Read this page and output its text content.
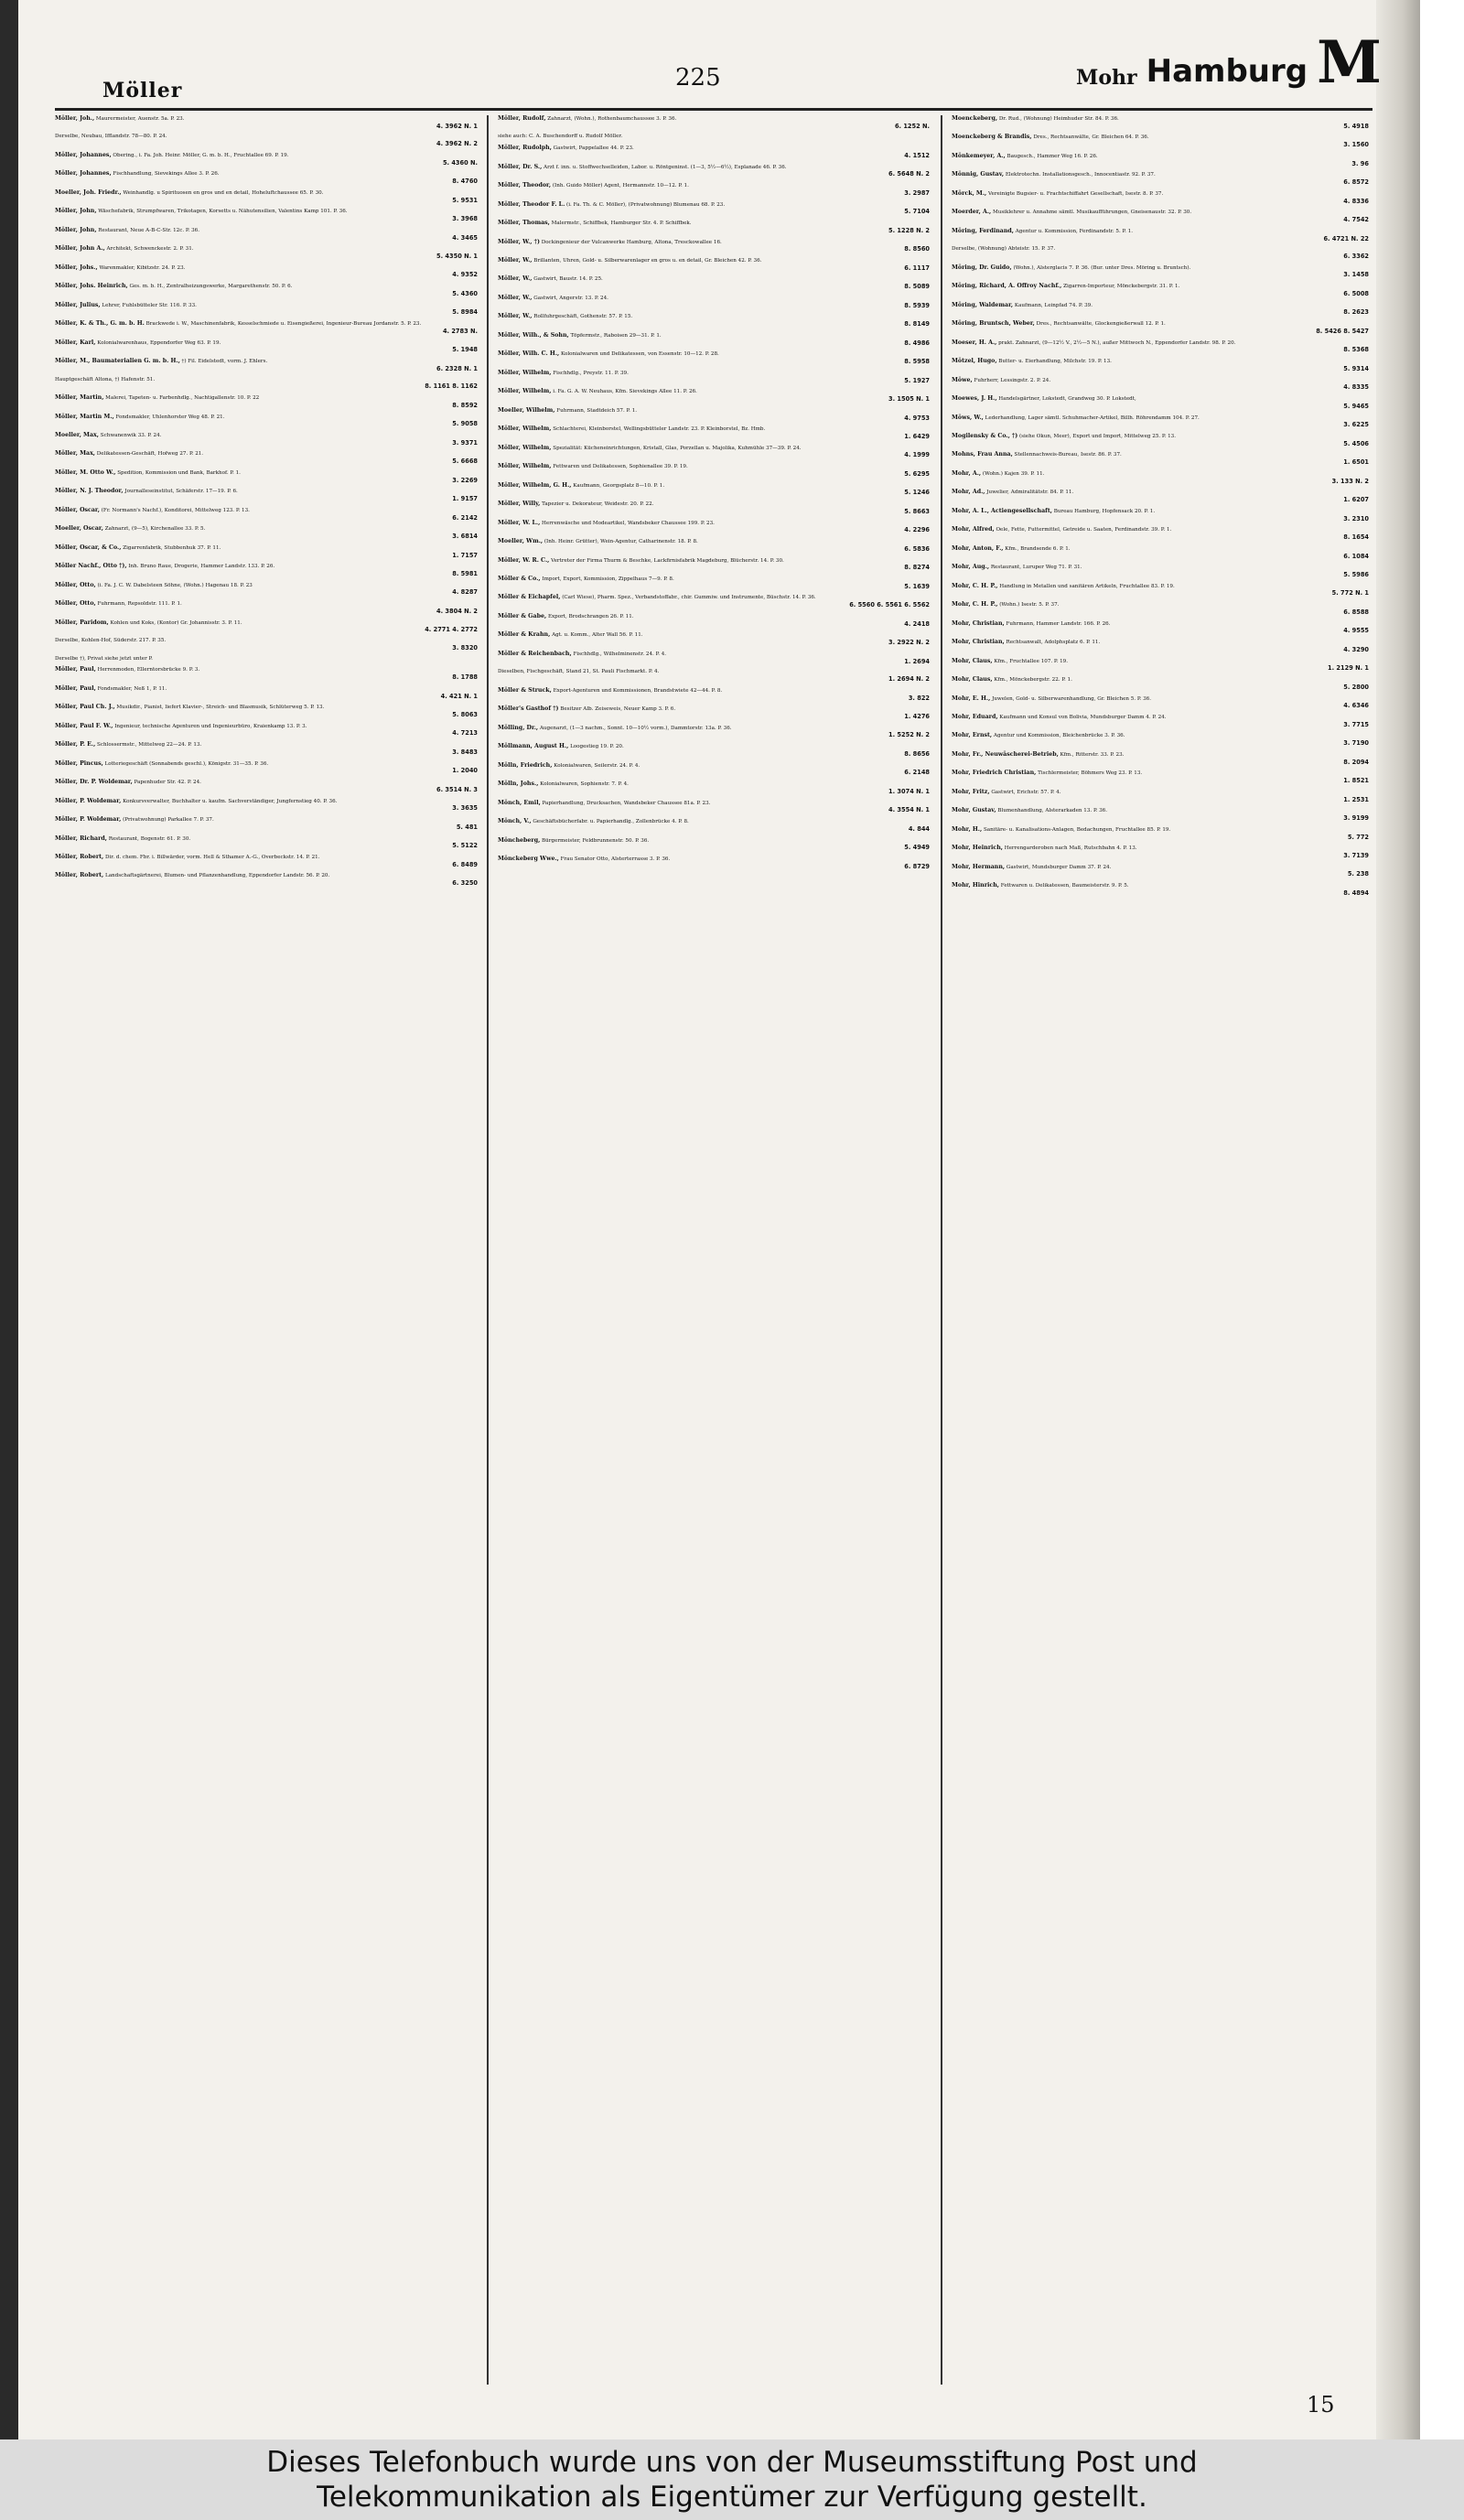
Möller	225	Mohr Hamburg M
Möller, Joh., Maurermeister, Auenstr. 5a. P. 23.
4. 3962 N. 1
Derselbe, Neubau, Ifflandstr. 78—80. P. 24.
4. 3962 N. 2
Möller, Johannes, Obering., i. Fa. Joh. Heinr. Möller, G. m. b. H., Fruchtallee 69. P. 19.
5. 4360 N.
Möller, Johannes, Fischhandlung, Sievekings Allee 3. P. 26.
8. 4760
Moeller, Joh. Friedr., Weinhandlg. u Spirituosen en gros und en detail, Hoheluftchaussee 65. P. 30.
5. 9531
Möller, John, Wäschefabrik, Strumpfwaren, Trikotagen, Korsetts u. Nähutensilien, Valentins Kamp 101. P. 36.
3. 3968
Möller, John, Restaurant, Neue A-B-C-Str. 12c. P. 36.
4. 3465
Möller, John A., Architekt, Schwenckestr. 2. P. 31.
5. 4350 N. 1
Möller, Johs., Warenmakler, Kibitzstr. 24. P. 23.
4. 9352
Möller, Johs. Heinrich, Ges. m. b. H., Zentralheizungswerke, Margarethenstr. 50. P. 6.
5. 4360
Möller, Julius, Lehrer, Fuhlsbütteler Str. 116. P. 33.
5. 8984
Möller, K. & Th., G. m. b. H. Brackwede i. W., Maschinenfabrik, Kesselschmiede u. Eisengießerei, Ingenieur-Bureau Jordanstr. 5. P. 23.
4. 2783 N.
Möller, Karl, Kolonialwarenhaus, Eppendorfer Weg 63. P. 19.
5. 1948
Möller, M., Baumaterialien G. m. b. H., †) Fil. Eidelstedt, vorm. J. Ehlers.
6. 2328 N. 1
Hauptgeschäft Altona, †) Hafenstr. 51.
8. 1161 8. 1162
Möller, Martin, Malerei, Tapeten- u. Farbenhdlg., Nachtigallenstr. 10. P. 22
8. 8592
Möller, Martin M., Fondsmakler, Uhlenhorster Weg 48. P. 21.
5. 9058
Moeller, Max, Schwanenwik 33. P. 24.
3. 9371
Möller, Max, Delikatessen-Geschäft, Hofweg 27. P. 21.
5. 6668
Möller, M. Otto W., Spedition, Kommission und Bank, Barkhof. P. 1.
3. 2269
Möller, N. J. Theodor, Journalleseinstitut, Schäferstr. 17—19. P. 6.
1. 9157
Möller, Oscar, (Fr. Normann's Nachf.), Konditorei, Mittelweg 123. P. 13.
6. 2142
Moeller, Oscar, Zahnarzt, (9—5), Kirchenallee 33. P. 5.
3. 6814
Möller, Oscar, & Co., Zigarrenfabrik, Stubbenhuk 37. P. 11.
1. 7157
Möller Nachf., Otto †), Inh. Bruno Raue, Drogerie, Hammer Landstr. 133. P. 26.
8. 5981
Möller, Otto, (i. Fa. J. C. W. Dabelsteen Söhne, (Wohn.) Hagenau 18. P. 23
4. 8287
Möller, Otto, Fuhrmann, Repsoldstr. 111. P. 1.
4. 3804 N. 2
Möller, Paridom, Kohlen und Koks, (Kontor) Gr. Johannisstr. 3. P. 11.
4. 2771 4. 2772
Derselbe, Kohlen-Hof, Süderstr. 217. P. 35.
3. 8320
Derselbe †), Privat siehe jetzt unter P.
Möller, Paul, Herrenmoden, Ellerntorsbrücke 9. P. 3.
8. 1788
Möller, Paul, Fondsmakler, Neß 1, P. 11.
4. 421 N. 1
Möller, Paul Ch. J., Musikdir., Pianist, liefert Klavier-, Streich- und Blasmusik, Schlüterweg 5. P. 13.
5. 8063
Möller, Paul F. W., Ingenieur, technische Agenturen und Ingenieurbüro, Kraienkamp 13. P. 3.
4. 7213
Möller, P. E., Schlossermstr., Mittelweg 22—24. P. 13.
3. 8483
Möller, Pincus, Lotteriegeschäft (Sonnabends geschl.), Königstr. 31—35. P. 36.
1. 2040
Möller, Dr. P. Woldemar, Papenhuder Str. 42. P. 24.
6. 3514 N. 3
Möller, P. Woldemar, Konkursverwalter, Buchhalter u. kaufm. Sachverständiger, Jungfernstieg 40. P. 36.
3. 3635
Möller, P. Woldemar, (Privatwohnung) Parkallee 7. P. 37.
5. 481
Möller, Richard, Restaurant, Bogenstr. 61. P. 30.
5. 5122
Möller, Robert, Dir. d. chem. Fbr. i. Billwärder, vorm. Hell & Sthamer A.-G., Overbeckstr. 14. P. 21.
6. 8489
Möller, Robert, Landschaftsgärtnerei, Blumen- und Pflanzenhandlung, Eppendorfer Landstr. 56. P. 20.
6. 3250
Möller, Rudolf, Zahnarzt, (Wohn.), Rothenbaumchaussee 3. P. 36.
6. 1252 N.
siehe auch: C. A. Buschendorff u. Rudolf Möller.
Möller, Rudolph, Gastwirt, Pappelallee 44. P. 23.
4. 1512
Möller, Dr. S., Arzt f. inn. u. Stoffwechselleiden, Labor. u. Röntgeninst. (1—3, 5½—6½), Esplanade 46. P. 36.
6. 5648 N. 2
Möller, Theodor, (Inh. Guido Möller) Agent, Hermannstr. 10—12. P. 1.
3. 2987
Möller, Theodor F. L. (i. Fa. Th. & C. Möller), (Privatwohnung) Blumenau 68. P. 23.
5. 7104
Möller, Thomas, Malermstr., Schiffbek, Hamburger Str. 4. P. Schiffbek.
5. 1228 N. 2
Möller, W., †) Dockingenieur der Vulcanwerke Hamburg, Altona, Tresckowallee 16.
8. 8560
Möller, W., Brillanten, Uhren, Gold- u. Silberwarenlager en gros u. en detail, Gr. Bleichen 42. P. 36.
6. 1117
Möller, W., Gastwirt, Baustr. 14. P. 25.
8. 5089
Möller, W., Gastwirt, Angerstr. 13. P. 24.
8. 5939
Möller, W., Rollfuhrgeschäft, Gothenstr. 57. P. 15.
8. 8149
Möller, Wilh., & Sohn, Töpfermstr., Raboisen 29—31. P. 1.
8. 4986
Möller, Wilh. C. H., Kolonialwaren und Delikatessen, von Essenstr. 10—12. P. 28.
8. 5958
Möller, Wilhelm, Fischhdlg., Preystr. 11. P. 39.
5. 1927
Möller, Wilhelm, i. Fa. G. A. W. Neuhaus, Kfm. Sievekings Allee 11. P. 26.
3. 1505 N. 1
Moeller, Wilhelm, Fuhrmann, Stadtdeich 57. P. 1.
4. 9753
Möller, Wilhelm, Schlachterei, Kleinborstel, Wellingsbütteler Landstr. 23. P. Kleinborstel, Bz. Hmb.
1. 6429
Möller, Wilhelm, Spezialität: Kücheneinrichtungen, Kristall, Glas, Porzellan u. Majolika, Kuhmühle 37—39. P. 24.
4. 1999
Möller, Wilhelm, Fettwaren und Delikatessen, Sophienallee 39. P. 19.
5. 6295
Möller, Wilhelm, G. H., Kaufmann, Georgsplatz 8—10. P. 1.
5. 1246
Möller, Willy, Tapezier u. Dekorateur, Weidestr. 20. P. 22.
5. 8663
Möller, W. L., Herrenwäsche und Modeartikel, Wandsbeker Chaussee 199. P. 23.
4. 2296
Moeller, Wm., (Inh. Heinr. Grütter), Wein-Agentur, Catharinenstr. 18. P. 8.
6. 5836
Möller, W. R. C., Vertreter der Firma Thurm & Beschke, Lackfirnisfabrik Magdeburg, Blücherstr. 14. P. 30.
8. 8274
Möller & Co., Import, Export, Kommission, Zippelhaus 7—9. P. 8.
5. 1639
Möller & Eichapfel, (Carl Wiese), Pharm. Spez., Verbandstoffabr., chir. Gummiw. und Instrumente, Büschstr. 14. P. 36.
6. 5560 6. 5561 6. 5562
Möller & Gabe, Export, Brodschrangen 26. P. 11.
4. 2418
Möller & Krahn, Agt. u. Komm., Alter Wall 56. P. 11.
3. 2922 N. 2
Möller & Reichenbach, Fischhdlg., Wilhelminenstr. 24. P. 4.
1. 2694
Dieselben, Fischgeschäft, Stand 21, St. Pauli Fischmarkt. P. 4.
1. 2694 N. 2
Möller & Struck, Export-Agenturen und Kommissionen, Brandstwiete 42—44. P. 8.
3. 822
Möller's Gasthof †) Besitzer Alb. Zeiseweis, Neuer Kamp 3. P. 6.
1. 4276
Mölling, Dr., Augenarzt, (1—3 nachm., Sonnt. 10—10½ vorm.), Dammtorstr. 13a. P. 36.
1. 5252 N. 2
Möllmann, August H., Loogestieg 19. P. 20.
8. 8656
Mölln, Friedrich, Kolonialwaren, Seilerstr. 24. P. 4.
6. 2148
Mölln, Johs., Kolonialwaren, Sophienstr. 7. P. 4.
1. 3074 N. 1
Mönch, Emil, Papierhandlung, Drucksachen, Wandsbeker Chaussee 81a. P. 23.
4. 3554 N. 1
Mönch, V., Geschäftsbücherfabr. u. Papierhandlg., Zollenbrücke 4. P. 8.
4. 844
Möncheberg, Bürgermeister, Feldbrunnenstr. 50. P. 36.
5. 4949
Mönckeberg Wwe., Frau Senator Otto, Alsterterrasse 3. P. 36.
6. 8729
Moenckeberg, Dr. Rud., (Wohnung) Heimhuder Str. 84. P. 36.
5. 4918
Moenckeberg & Brandis, Dres., Rechtsanwälte, Gr. Bleichen 64. P. 36.
3. 1560
Mönkemeyer, A., Baugesch., Hammer Weg 16. P. 26.
3. 96
Mönnig, Gustav, Elektrotechn. Installationsgesch., Innocentiastr. 92. P. 37.
6. 8572
Mörck, M., Vereinigte Bugsier- u. Frachtschiffahrt Gesellschaft, Isestr. 8. P. 37.
4. 8336
Moerder, A., Musiklehrer u. Annahme sämtl. Musikaufführungen, Gneisenaustr. 32. P. 30.
4. 7542
Möring, Ferdinand, Agentur u. Kommission, Ferdinandstr. 5. P. 1.
6. 4721 N. 22
Derselbe, (Wohnung) Abteistr. 15. P. 37.
6. 3362
Möring, Dr. Guido, (Wohn.), Alsterglacis 7. P. 36. (Bur. unter Dres. Möring u. Bruntsch).
3. 1458
Möring, Richard, A. Offroy Nachf., Zigarren-Importeur, Mönckebergstr. 31. P. 1.
6. 5008
Möring, Waldemar, Kaufmann, Leinpfad 74. P. 39.
8. 2623
Möring, Bruntsch, Weber, Dres., Rechtsanwälte, Glockengießerwall 12. P. 1.
8. 5426 8. 5427
Moeser, H. A., prakt. Zahnarzt, (9—12½ V., 2½—5 N.), außer Mittwoch N., Eppendorfer Landstr. 98. P. 20.
8. 5368
Mötzel, Hugo, Butter- u. Eierhandlung, Milchstr. 19. P. 13.
5. 9314
Möwe, Fuhrherr, Lessingstr. 2. P. 24.
4. 8335
Moewes, J. H., Handelsgärtner, Lokstedt, Grandweg 30. P. Lokstedt,
5. 9465
Möws, W., Lederhandlung, Lager sämtl. Schuhmacher-Artikel, Billh. Röhrendamm 104. P. 27.
3. 6225
Mogilensky & Co., †) (siehe Okun, Meer), Export und Import, Mittelweg 25. P. 13.
5. 4506
Mohns, Frau Anna, Stellennachweis-Bureau, Isestr. 86. P. 37.
1. 6501
Mohr, A., (Wohn.) Kajen 39. P. 11.
3. 133 N. 2
Mohr, Ad., Juwelier, Admiralitätstr. 84. P. 11.
1. 6207
Mohr, A. L., Actiengesellschaft, Bureau Hamburg, Hopfensack 20. P. 1.
3. 2310
Mohr, Alfred, Oele, Fette, Futtermittel, Getreide u. Saaten, Ferdinandstr. 39. P. 1.
8. 1654
Mohr, Anton, F., Kfm., Brandsende 6. P. 1.
6. 1084
Mohr, Aug., Restaurant, Luruper Weg 71. P. 31.
5. 5986
Mohr, C. H. P., Handlung in Metallen und sanitären Artikeln, Fruchtallee 83. P. 19.
5. 772 N. 1
Mohr, C. H. P., (Wohn.) Isestr. 5. P. 37.
6. 8588
Mohr, Christian, Fuhrmann, Hammer Landstr. 166. P. 26.
4. 9555
Mohr, Christian, Rechtsanwalt, Adolphsplatz 6. P. 11.
4. 3290
Mohr, Claus, Kfm., Fruchtallee 107. P. 19.
1. 2129 N. 1
Mohr, Claus, Kfm., Mönckebergstr. 22. P. 1.
5. 2800
Mohr, E. H., Juwelen, Gold- u. Silberwarenhandlung, Gr. Bleichen 5. P. 36.
4. 6346
Mohr, Eduard, Kaufmann und Konsul von Bolivia, Mundsburger Damm 4. P. 24.
3. 7715
Mohr, Ernst, Agentur und Kommission, Bleichenbrücke 3. P. 36.
3. 7190
Mohr, Fr., Neuwäscherei-Betrieb, Kfm., Ritterstr. 33. P. 23.
8. 2094
Mohr, Friedrich Christian, Tischlermeister, Böhmers Weg 23. P. 13.
1. 8521
Mohr, Fritz, Gastwirt, Erichstr. 57. P. 4.
1. 2531
Mohr, Gustav, Blumenhandlung, Alsterarkaden 13. P. 36.
3. 9199
Mohr, H., Sanitäre- u. Kanalisations-Anlagen, Bedachungen, Fruchtallee 85. P. 19.
5. 772
Mohr, Heinrich, Herrengarderoben nach Maß, Rutschbahn 4. P. 13.
3. 7139
Mohr, Hermann, Gastwirt, Mundsburger Damm 37. P. 24.
5. 238
Mohr, Hinrich, Fettwaren u. Delikatessen, Baumeisterstr. 9. P. 5.
8. 4894
15
Dieses Telefonbuch wurde uns von der Museumsstiftung Post und
Telekommunikation als Eigentümer zur Verfügung gestellt.
